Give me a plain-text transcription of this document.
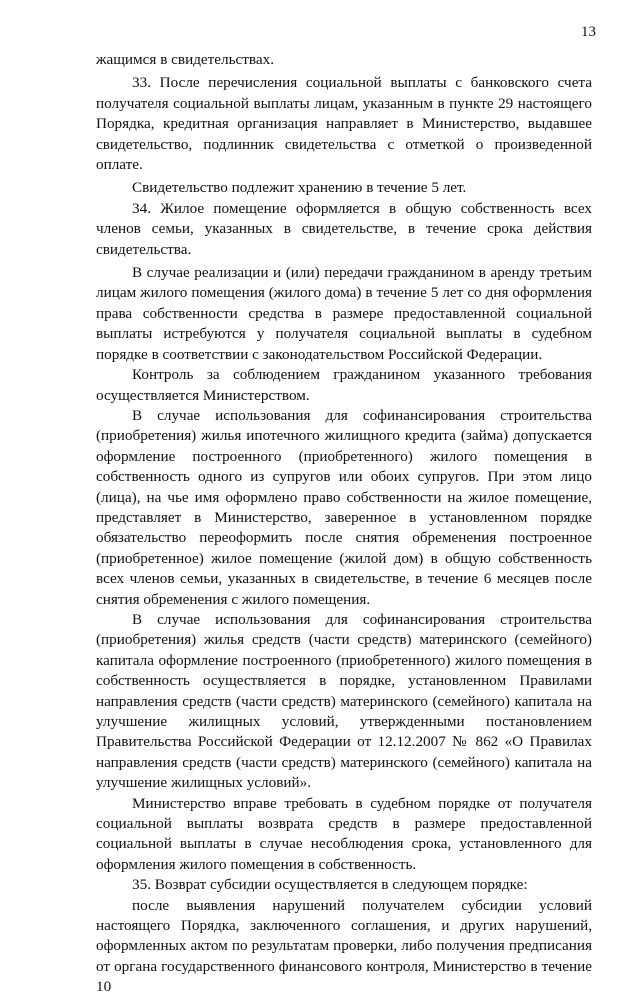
13

жащимся в свидетельствах.

33. После перечисления социальной выплаты с банковского счета получателя социальной выплаты лицам, указанным в пункте 29 настоящего Порядка, кредитная организация направляет в Министерство, выдавшее свидетельство, подлинник свидетельства с отметкой о произведенной оплате.

Свидетельство подлежит хранению в течение 5 лет.

34. Жилое помещение оформляется в общую собственность всех членов семьи, указанных в свидетельстве, в течение срока действия свидетельства.

В случае реализации и (или) передачи гражданином в аренду третьим лицам жилого помещения (жилого дома) в течение 5 лет со дня оформления права собственности средства в размере предоставленной социальной выплаты истребуются у получателя социальной выплаты в судебном порядке в соответствии с законодательством Российской Федерации.

Контроль за соблюдением гражданином указанного требования осуществляется Министерством.

В случае использования для софинансирования строительства (приобретения) жилья ипотечного жилищного кредита (займа) допускается оформление построенного (приобретенного) жилого помещения в собственность одного из супругов или обоих супругов. При этом лицо (лица), на чье имя оформлено право собственности на жилое помещение, представляет в Министерство, заверенное в установленном порядке обязательство переоформить после снятия обременения построенное (приобретенное) жилое помещение (жилой дом) в общую собственность всех членов семьи, указанных в свидетельстве, в течение 6 месяцев после снятия обременения с жилого помещения.

В случае использования для софинансирования строительства (приобретения) жилья средств (части средств) материнского (семейного) капитала оформление построенного (приобретенного) жилого помещения в собственность осуществляется в порядке, установленном Правилами направления средств (части средств) материнского (семейного) капитала на улучшение жилищных условий, утвержденными постановлением Правительства Российской Федерации от 12.12.2007 № 862 «О Правилах направления средств (части средств) материнского (семейного) капитала на улучшение жилищных условий».

Министерство вправе требовать в судебном порядке от получателя социальной выплаты возврата средств в размере предоставленной социальной выплаты в случае несоблюдения срока, установленного для оформления жилого помещения в собственность.

35. Возврат субсидии осуществляется в следующем порядке:

после выявления нарушений получателем субсидии условий настоящего Порядка, заключенного соглашения, и других нарушений, оформленных актом по результатам проверки, либо получения предписания от органа государственного финансового контроля, Министерство в течение 10
